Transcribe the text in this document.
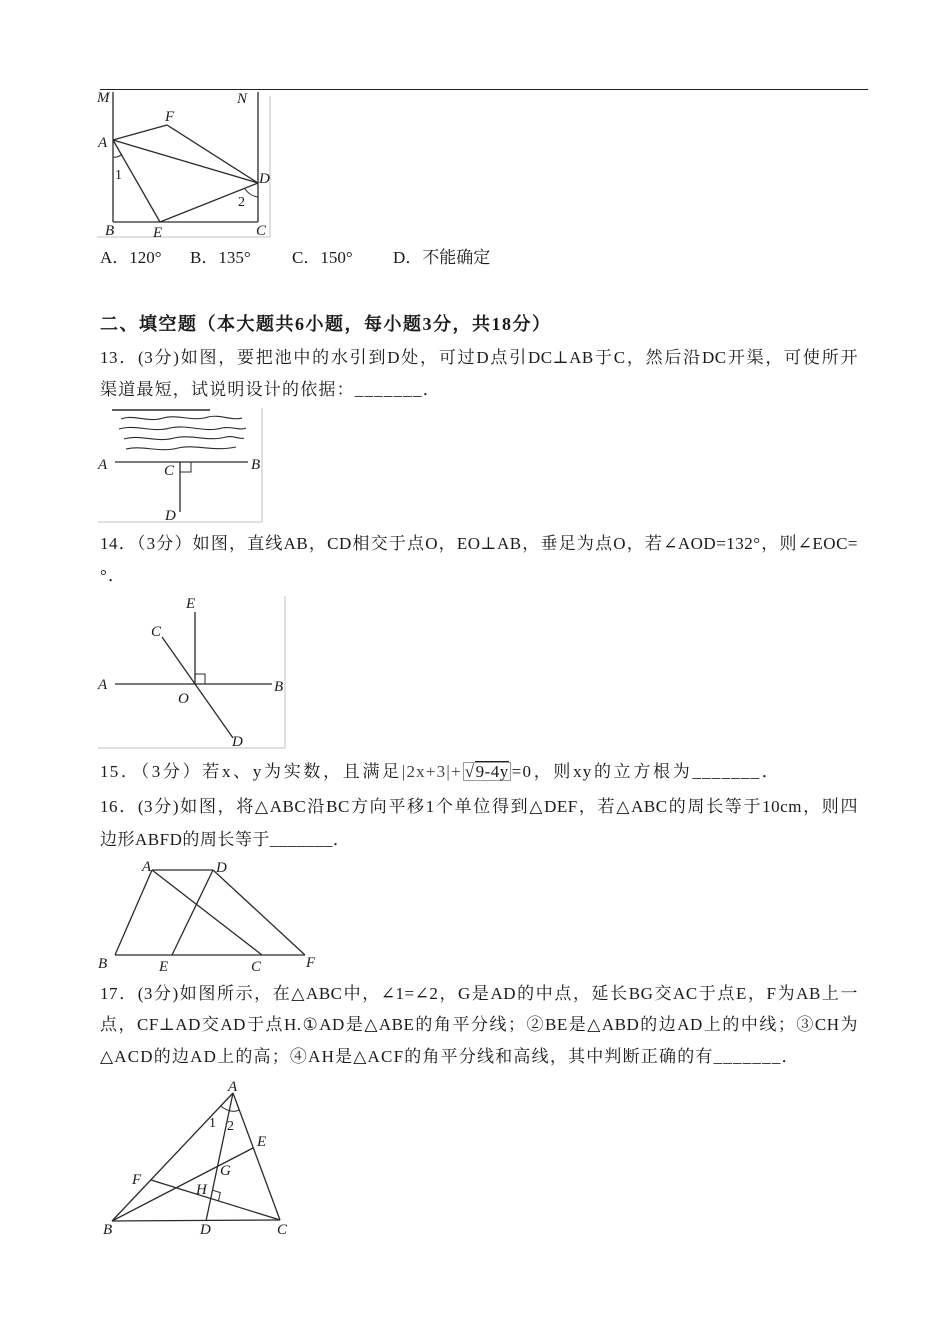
M	N
A
F
D
1
2
B	E	C
A．120° B．135° C．150° D．不能确定
二、填空题（本大题共6小题，每小题3分，共18分）
13．(3分)如图，要把池中的水引到D处，可过D点引DC⊥AB于C，然后沿DC开渠，可使所开
渠道最短，试说明设计的依据：_______．
A	B
C
D
14．（3分）如图，直线AB，CD相交于点O，EO⊥AB，垂足为点O，若∠AOD=132°，则∠EOC=
°．
E
C
A	B
O
D
15．（3分）若x、y为实数，且满足|2x+3|+ √9-4y =0，则xy的立方根为_______．
16．(3分)如图，将△ABC沿BC方向平移1个单位得到△DEF，若△ABC的周长等于10cm，则四
边形ABFD的周长等于_______．
A	D
B	E	C	F
17．(3分)如图所示，在△ABC中，∠1=∠2，G是AD的中点，延长BG交AC于点E，F为AB上一
点，CF⊥AD交AD于点H.①AD是△ABE的角平分线；②BE是△ABD的边AD上的中线；③CH为
△ACD的边AD上的高；④AH是△ACF的角平分线和高线，其中判断正确的有_______．
A
1 2
E
F
G
H
B	D	C
